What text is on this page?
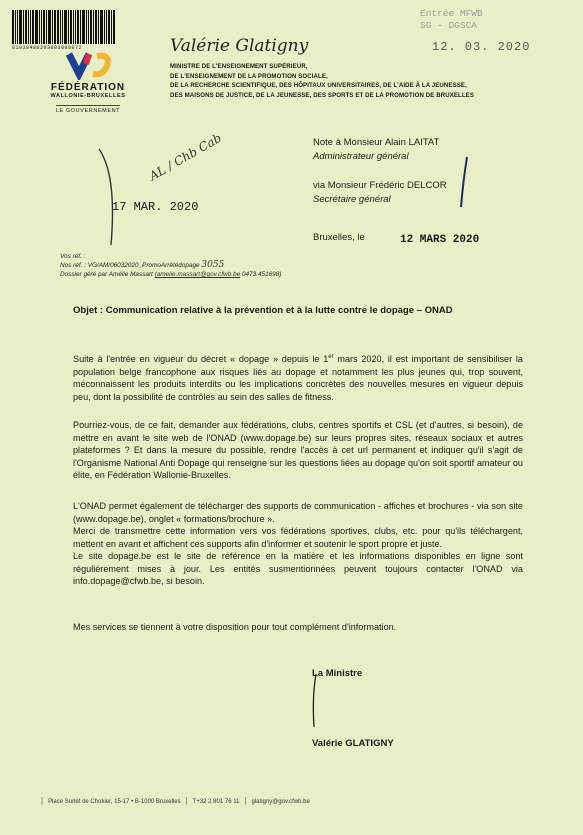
01030480203003000072
FÉDÉRATION
WALLONIE-BRUXELLES
LE GOUVERNEMENT
Valérie Glatigny
MINISTRE DE L'ENSEIGNEMENT SUPÉRIEUR,
DE L'ENSEIGNEMENT DE LA PROMOTION SOCIALE,
DE LA RECHERCHE SCIENTIFIQUE, DES HÔPITAUX UNIVERSITAIRES, DE L'AIDE À LA JEUNESSE,
DES MAISONS DE JUSTICE, DE LA JEUNESSE, DES SPORTS ET DE LA PROMOTION DE BRUXELLES
Entrée MFWB
SG - DGSCA
12. 03. 2020
Note à Monsieur Alain LAITAT
Administrateur général
via Monsieur Frédéric DELCOR
Secrétaire général
Bruxelles, le	12 MARS 2020
AL / Chb Cab
17 MAR. 2020
Vos réf. :
Nos réf. : VG/AM/06032020_PromoArrêtédopage 3055
Dossier géré par Amélie Massart (amelie.massart@gov.cfwb.be 0473.451698)
Objet : Communication relative à la prévention et à la lutte contre le dopage – ONAD

Suite à l'entrée en vigueur du décret « dopage » depuis le 1er mars 2020, il est important de sensibiliser la population belge francophone aux risques liés au dopage et notamment les plus jeunes qui, trop souvent, méconnaissent les produits interdits ou les implications concrètes des nouvelles mesures en vigueur depuis peu, dont la possibilité de contrôles au sein des salles de fitness.

Pourriez-vous, de ce fait, demander aux fédérations, clubs, centres sportifs et CSL (et d'autres, si besoin), de mettre en avant le site web de l'ONAD (www.dopage.be) sur leurs propres sites, réseaux sociaux et autres plateformes ? Et dans la mesure du possible, rendre l'accès à cet url permanent et indiquer qu'il s'agit de l'Organisme National Anti Dopage qui renseigne sur les questions liées au dopage qu'on soit sportif amateur ou élite, en Fédération Wallonie-Bruxelles.

L'ONAD permet également de télécharger des supports de communication - affiches et brochures - via son site (www.dopage.be), onglet « formations/brochure ».

Merci de transmettre cette information vers vos fédérations sportives, clubs, etc. pour qu'ils téléchargent, mettent en avant et affichent ces supports afin d'informer et soutenir le sport propre et juste.

Le site dopage.be est le site de référence en la matière et les informations disponibles en ligne sont régulièrement mises à jour. Les entités susmentionnées peuvent toujours contacter l'ONAD via info.dopage@cfwb.be, si besoin.

Mes services se tiennent à votre disposition pour tout complément d'information.

La Ministre
Valérie GLATIGNY
| Place Surlet de Chokier, 15-17 • B-1000 Bruxelles | T+32 2 801 76 11 | glatigny@gov.cfwb.be
